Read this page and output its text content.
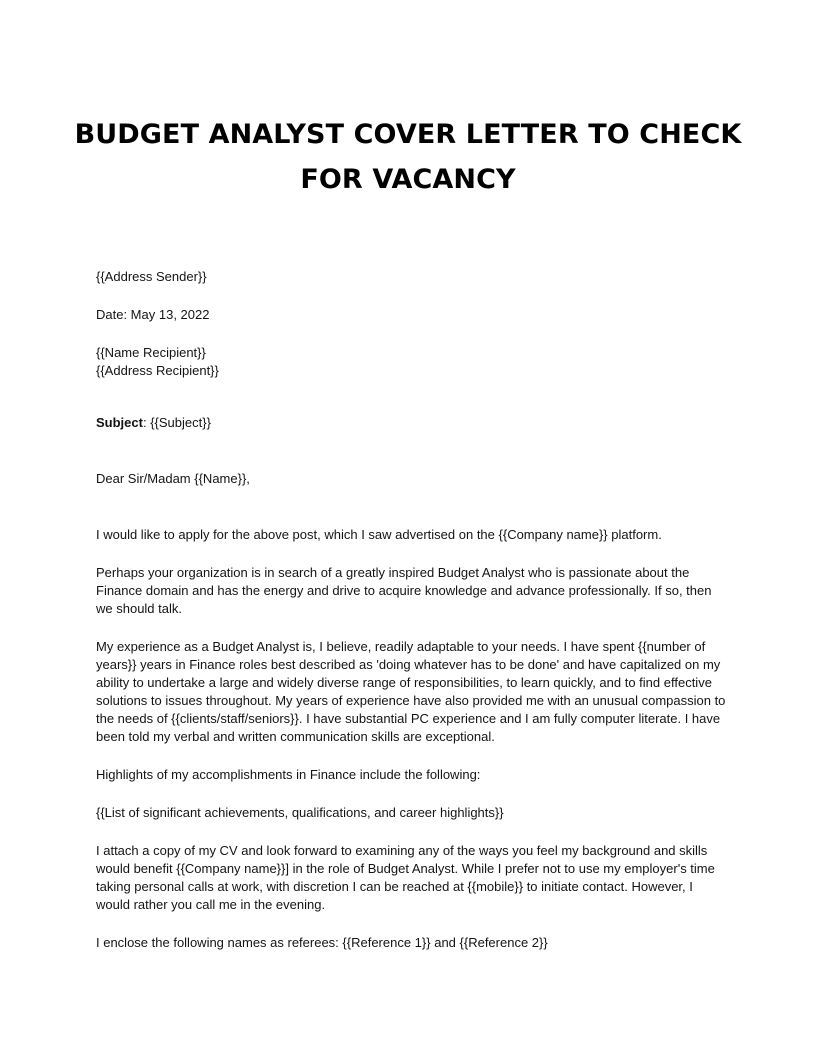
BUDGET ANALYST COVER LETTER TO CHECK FOR VACANCY

{{Address Sender}}

Date: May 13, 2022

{{Name Recipient}}

{{Address Recipient}}

Subject: {{Subject}}

Dear Sir/Madam {{Name}},

I would like to apply for the above post, which I saw advertised on the {{Company name}} platform.

Perhaps your organization is in search of a greatly inspired Budget Analyst who is passionate about the Finance domain and has the energy and drive to acquire knowledge and advance professionally. If so, then we should talk.

My experience as a Budget Analyst is, I believe, readily adaptable to your needs. I have spent {{number of years}} years in Finance roles best described as 'doing whatever has to be done' and have capitalized on my ability to undertake a large and widely diverse range of responsibilities, to learn quickly, and to find effective solutions to issues throughout. My years of experience have also provided me with an unusual compassion to the needs of {{clients/staff/seniors}}. I have substantial PC experience and I am fully computer literate. I have been told my verbal and written communication skills are exceptional.

Highlights of my accomplishments in Finance include the following:

{{List of significant achievements, qualifications, and career highlights}}

I attach a copy of my CV and look forward to examining any of the ways you feel my background and skills would benefit {{Company name}}] in the role of Budget Analyst. While I prefer not to use my employer's time taking personal calls at work, with discretion I can be reached at {{mobile}} to initiate contact. However, I would rather you call me in the evening.

I enclose the following names as referees: {{Reference 1}} and {{Reference 2}}
